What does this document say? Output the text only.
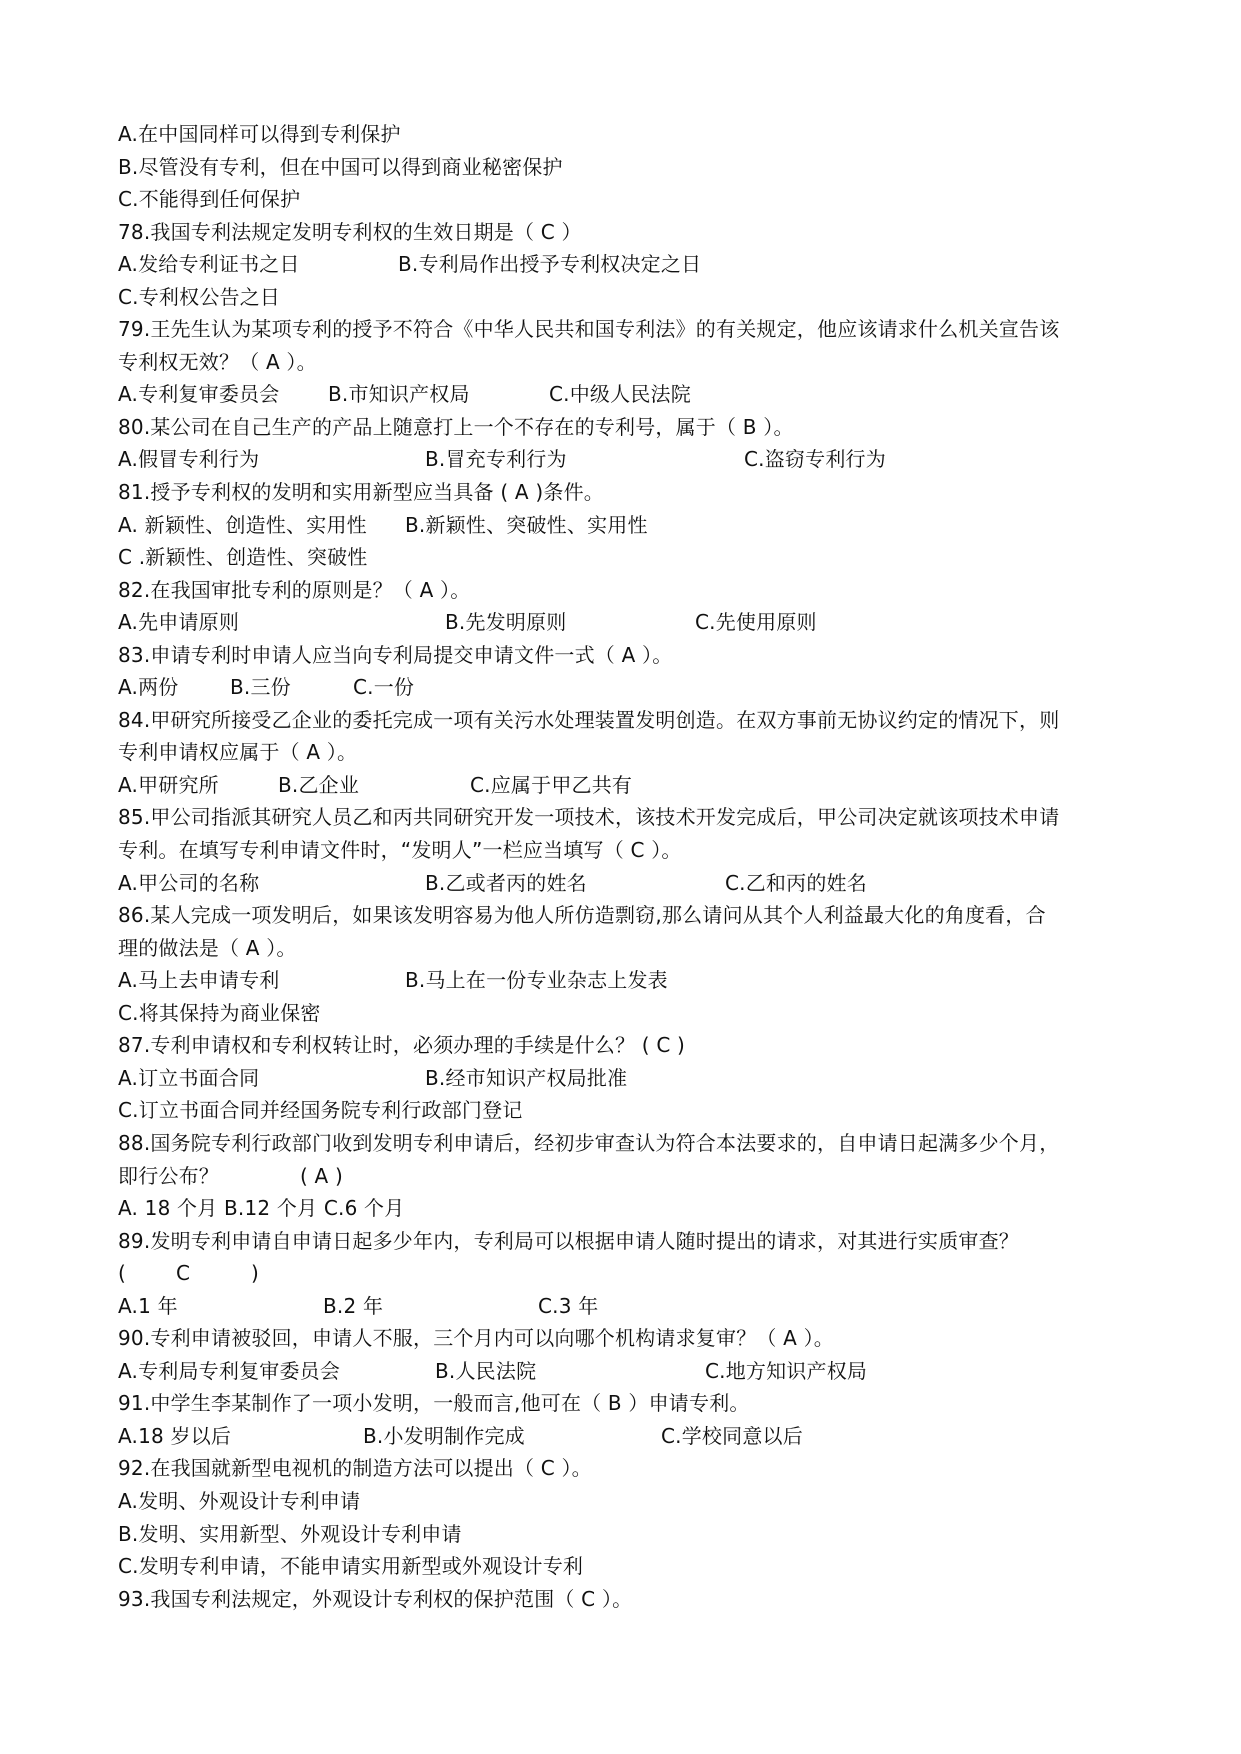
A.在中国同样可以得到专利保护
B.尽管没有专利，但在中国可以得到商业秘密保护
C.不能得到任何保护
78.我国专利法规定发明专利权的生效日期是（ C ）
A.发给专利证书之日	B.专利局作出授予专利权决定之日
C.专利权公告之日
79.王先生认为某项专利的授予不符合《中华人民共和国专利法》的有关规定，他应该请求什么机关宣告该
专利权无效？（ A ）。
A.专利复审委员会 B.市知识产权局	C.中级人民法院
80.某公司在自己生产的产品上随意打上一个不存在的专利号，属于（ B ）。
A.假冒专利行为	B.冒充专利行为	C.盗窃专利行为
81.授予专利权的发明和实用新型应当具备 ( A )条件。
A. 新颖性、创造性、实用性 B.新颖性、突破性、实用性
C .新颖性、创造性、突破性
82.在我国审批专利的原则是？（ A ）。
A.先申请原则	B.先发明原则	C.先使用原则
83.申请专利时申请人应当向专利局提交申请文件一式（ A ）。
A.两份	B.三份	C.一份
84.甲研究所接受乙企业的委托完成一项有关污水处理装置发明创造。在双方事前无协议约定的情况下，则
专利申请权应属于（ A ）。
A.甲研究所	B.乙企业	C.应属于甲乙共有
85.甲公司指派其研究人员乙和丙共同研究开发一项技术，该技术开发完成后，甲公司决定就该项技术申请
专利。在填写专利申请文件时，“发明人”一栏应当填写（ C ）。
A.甲公司的名称	B.乙或者丙的姓名	C.乙和丙的姓名
86.某人完成一项发明后，如果该发明容易为他人所仿造剽窃,那么请问从其个人利益最大化的角度看，合
理的做法是（ A ）。
A.马上去申请专利	B.马上在一份专业杂志上发表
C.将其保持为商业保密
87.专利申请权和专利权转让时，必须办理的手续是什么？ ( C )
A.订立书面合同	B.经市知识产权局批准
C.订立书面合同并经国务院专利行政部门登记
88.国务院专利行政部门收到发明专利申请后，经初步审查认为符合本法要求的，自申请日起满多少个月，
即行公布？	( A )
A. 18 个月 B.12 个月 C.6 个月
89.发明专利申请自申请日起多少年内，专利局可以根据申请人随时提出的请求，对其进行实质审查？
( C	)
A.1 年	B.2 年	C.3 年
90.专利申请被驳回，申请人不服，三个月内可以向哪个机构请求复审？（ A ）。
A.专利局专利复审委员会	B.人民法院	C.地方知识产权局
91.中学生李某制作了一项小发明，一般而言,他可在（ B ）申请专利。
A.18 岁以后	B.小发明制作完成	C.学校同意以后
92.在我国就新型电视机的制造方法可以提出（ C ）。
A.发明、外观设计专利申请
B.发明、实用新型、外观设计专利申请
C.发明专利申请，不能申请实用新型或外观设计专利
93.我国专利法规定，外观设计专利权的保护范围（ C ）。
